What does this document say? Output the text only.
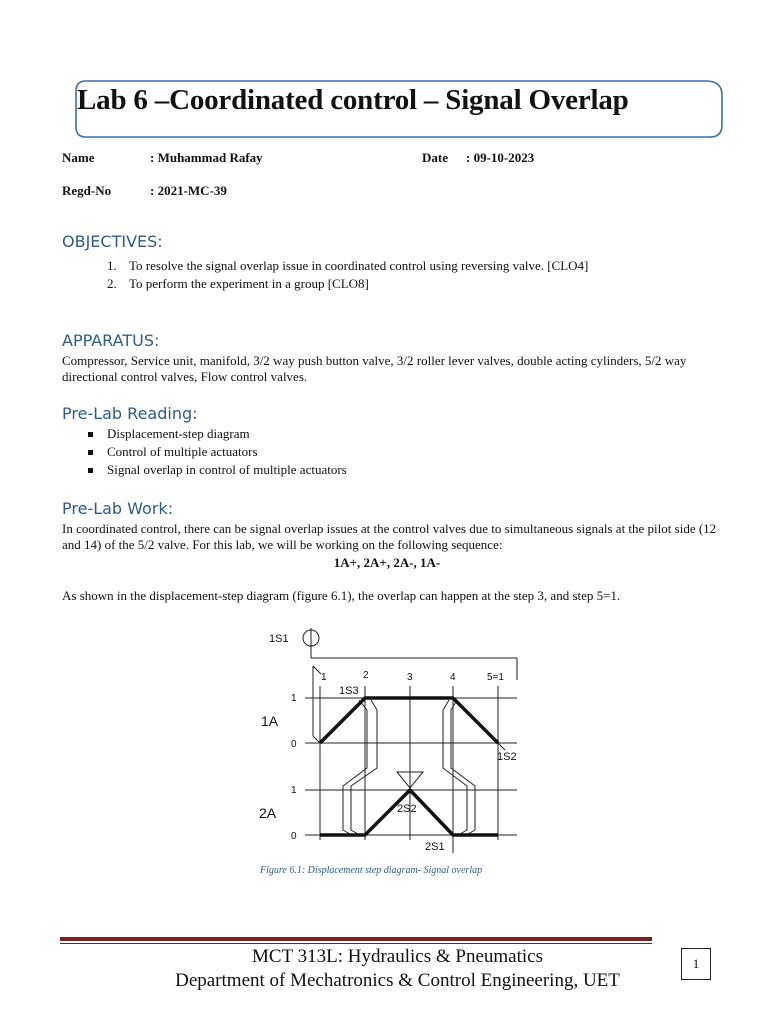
Lab 6 –Coordinated control – Signal Overlap
Name	: Muhammad Rafay	Date : 09-10-2023
Regd-No	: 2021-MC-39
OBJECTIVES:
1. To resolve the signal overlap issue in coordinated control using reversing valve. [CLO4]
2. To perform the experiment in a group [CLO8]
APPARATUS:
Compressor, Service unit, manifold, 3/2 way push button valve, 3/2 roller lever valves, double acting cylinders, 5/2 way directional control valves, Flow control valves.
Pre-Lab Reading:
Displacement-step diagram
Control of multiple actuators
Signal overlap in control of multiple actuators
Pre-Lab Work:
In coordinated control, there can be signal overlap issues at the control valves due to simultaneous signals at the pilot side (12 and 14) of the 5/2 valve. For this lab, we will be working on the following sequence:
1A+, 2A+, 2A-, 1A-
As shown in the displacement-step diagram (figure 6.1), the overlap can happen at the step 3, and step 5=1.
1S1
1	2	3	4	5=1
1S3
1S2
2S2
2S1
1A
2A
1
0
1
0
Figure 6.1: Displacement step diagram- Signal overlap
MCT 313L: Hydraulics & Pneumatics
Department of Mechatronics & Control Engineering, UET
1
